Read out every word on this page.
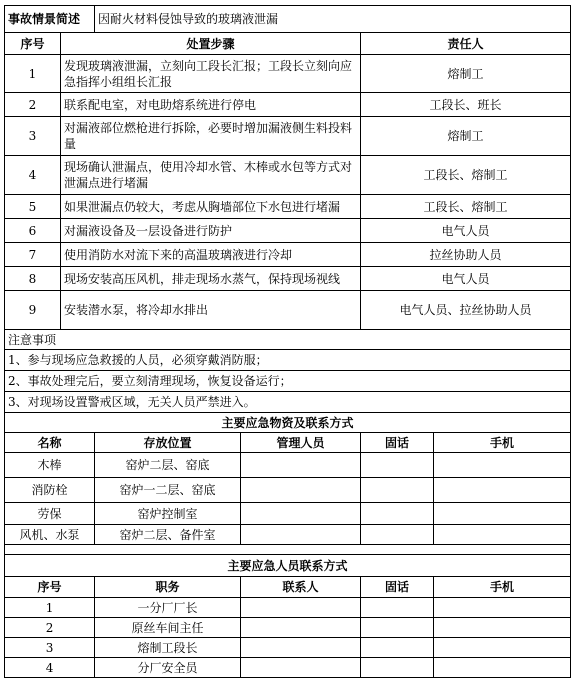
事故情景简述		因耐火材料侵蚀导致的玻璃液泄漏			
序号	处置步骤			责任人	
1	发现玻璃液泄漏，立刻向工段长汇报；工段长立刻向应急指挥小组组长汇报			熔制工	
2	联系配电室，对电助熔系统进行停电			工段长、班长	
3	对漏液部位燃枪进行拆除，必要时增加漏液侧生料投料量			熔制工	
4	现场确认泄漏点，使用冷却水管、木棒或水包等方式对泄漏点进行堵漏			工段长、熔制工	
5	如果泄漏点仍较大，考虑从胸墙部位下水包进行堵漏			工段长、熔制工	
6	对漏液设备及一层设备进行防护			电气人员	
7	使用消防水对流下来的高温玻璃液进行冷却			拉丝协助人员	
8	现场安装高压风机，排走现场水蒸气，保持现场视线			电气人员	
9	安装潜水泵，将冷却水排出			电气人员、拉丝协助人员	
注意事项					
1、参与现场应急救援的人员，必须穿戴消防服；					
2、事故处理完后，要立刻清理现场，恢复设备运行；					
3、对现场设置警戒区域，无关人员严禁进入。					
主要应急物资及联系方式					
名称		存放位置	管理人员	固话	手机
木棒		窑炉二层、窑底			
消防栓		窑炉一二层、窑底			
劳保		窑炉控制室			
风机、水泵		窑炉二层、备件室			

主要应急人员联系方式					
序号		职务	联系人	固话	手机
1		一分厂厂长			
2		原丝车间主任			
3		熔制工段长			
4		分厂安全员			
